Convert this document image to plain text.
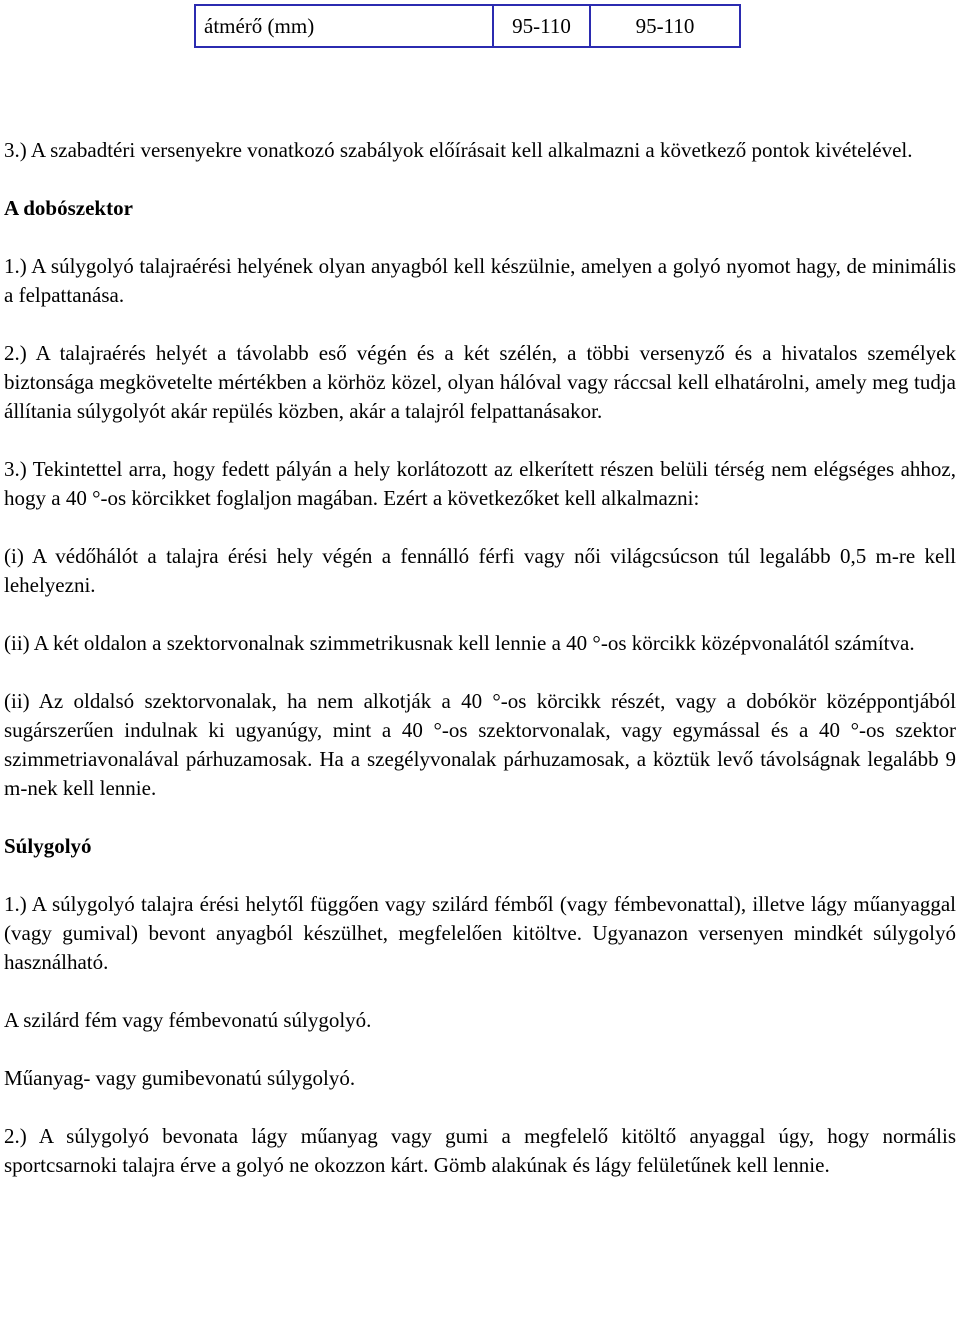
átmérő (mm)	95-110	95-110

3.) A szabadtéri versenyekre vonatkozó szabályok előírásait kell alkalmazni a következő pontok kivételével.

A dobószektor

1.) A súlygolyó talajraérési helyének olyan anyagból kell készülnie, amelyen a golyó nyomot hagy, de minimális a felpattanása.

2.) A talajraérés helyét a távolabb eső végén és a két szélén, a többi versenyző és a hivatalos személyek biztonsága megkövetelte mértékben a körhöz közel, olyan hálóval vagy ráccsal kell elhatárolni, amely meg tudja állítania súlygolyót akár repülés közben, akár a talajról felpattanásakor.

3.) Tekintettel arra, hogy fedett pályán a hely korlátozott az elkerített részen belüli térség nem elégséges ahhoz, hogy a 40 °-os körcikket foglaljon magában. Ezért a következőket kell alkalmazni:

(i) A védőhálót a talajra érési hely végén a fennálló férfi vagy női világcsúcson túl legalább 0,5 m-re kell lehelyezni.

(ii) A két oldalon a szektorvonalnak szimmetrikusnak kell lennie a 40 °-os körcikk középvonalától számítva.

(ii) Az oldalsó szektorvonalak, ha nem alkotják a 40 °-os körcikk részét, vagy a dobókör középpontjából sugárszerűen indulnak ki ugyanúgy, mint a 40 °-os szektorvonalak, vagy egymással és a 40 °-os szektor szimmetriavonalával párhuzamosak. Ha a szegélyvonalak párhuzamosak, a köztük levő távolságnak legalább 9 m-nek kell lennie.

Súlygolyó

1.) A súlygolyó talajra érési helytől függően vagy szilárd fémből (vagy fémbevonattal), illetve lágy műanyaggal (vagy gumival) bevont anyagból készülhet, megfelelően kitöltve. Ugyanazon versenyen mindkét súlygolyó használható.

A szilárd fém vagy fémbevonatú súlygolyó.

Műanyag- vagy gumibevonatú súlygolyó.

2.) A súlygolyó bevonata lágy műanyag vagy gumi a megfelelő kitöltő anyaggal úgy, hogy normális sportcsarnoki talajra érve a golyó ne okozzon kárt. Gömb alakúnak és lágy felületűnek kell lennie.
